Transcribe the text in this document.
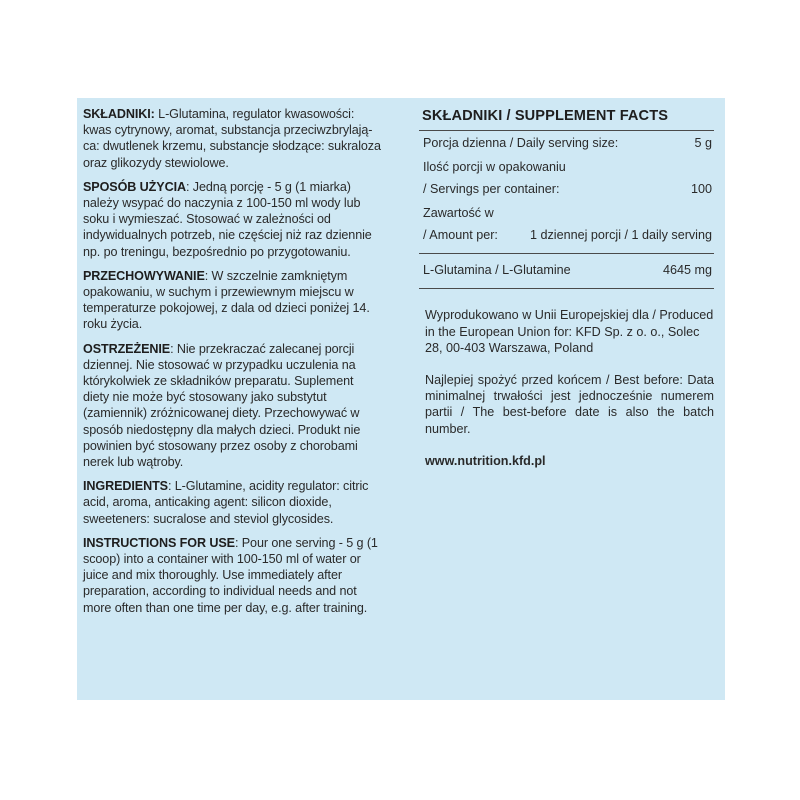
SKŁADNIKI: L-Glutamina, regulator kwasowości: kwas cytrynowy, aromat, substancja przeciwzbrylają-ca: dwutlenek krzemu, substancje słodzące: sukraloza oraz glikozydy stewiolowe.

SPOSÓB UŻYCIA: Jedną porcję - 5 g (1 miarka) należy wsypać do naczynia z 100-150 ml wody lub soku i wymieszać. Stosować w zależności od indywidualnych potrzeb, nie częściej niż raz dziennie np. po treningu, bezpośrednio po przygotowaniu.

PRZECHOWYWANIE: W szczelnie zamkniętym opakowaniu, w suchym i przewiewnym miejscu w temperaturze pokojowej, z dala od dzieci poniżej 14. roku życia.

OSTRZEŻENIE: Nie przekraczać zalecanej porcji dziennej. Nie stosować w przypadku uczulenia na którykolwiek ze składników preparatu. Suplement diety nie może być stosowany jako substytut (zamiennik) zróżnicowanej diety. Przechowywać w sposób niedostępny dla małych dzieci. Produkt nie powinien być stosowany przez osoby z chorobami nerek lub wątroby.

INGREDIENTS: L-Glutamine, acidity regulator: citric acid, aroma, anticaking agent: silicon dioxide, sweeteners: sucralose and steviol glycosides.

INSTRUCTIONS FOR USE: Pour one serving - 5 g (1 scoop) into a container with 100-150 ml of water or juice and mix thoroughly. Use immediately after preparation, according to individual needs and not more often than one time per day, e.g. after training.

SKŁADNIKI / SUPPLEMENT FACTS
Porcja dzienna / Daily serving size:	5 g
Ilość porcji w opakowaniu
/ Servings per container:	100
Zawartość w
/ Amount per:	1 dziennej porcji / 1 daily serving
L-Glutamina / L-Glutamine	4645 mg

Wyprodukowano w Unii Europejskiej dla / Produced in the European Union for: KFD Sp. z o. o., Solec 28, 00-403 Warszawa, Poland

Najlepiej spożyć przed końcem / Best before: Data minimalnej trwałości jest jednocześnie numerem partii / The best-before date is also the batch number.

www.nutrition.kfd.pl
